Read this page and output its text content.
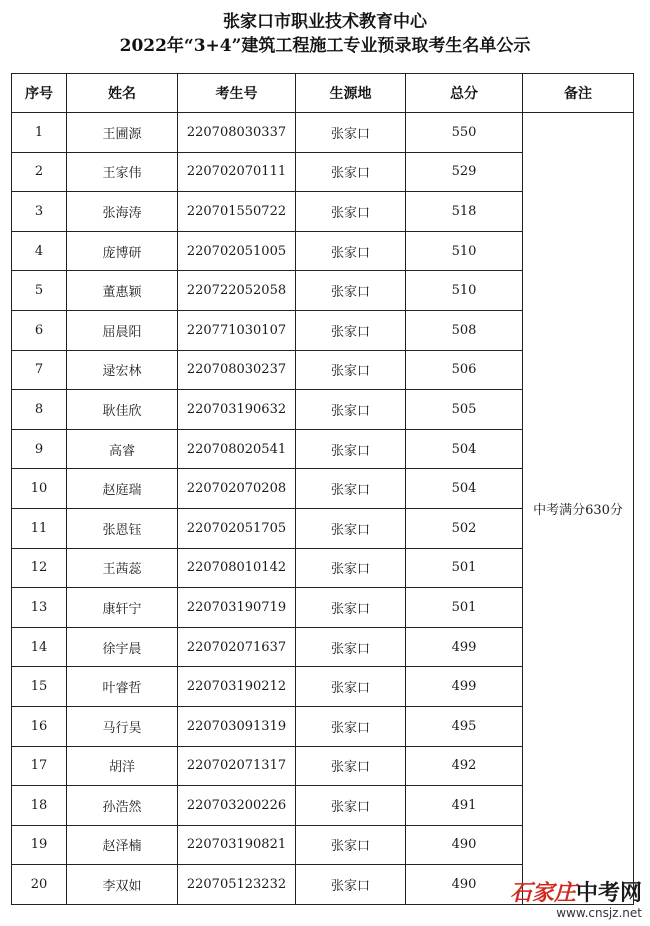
张家口市职业技术教育中心
2022年“3+4”建筑工程施工专业预录取考生名单公示
序号	姓名	考生号	生源地	总分	备注
1	王圃源	220708030337	张家口	550	中考满分630分
2	王家伟	220702070111	张家口	529	
3	张海涛	220701550722	张家口	518	
4	庞博研	220702051005	张家口	510	
5	董惠颖	220722052058	张家口	510	
6	屈晨阳	220771030107	张家口	508	
7	逯宏林	220708030237	张家口	506	
8	耿佳欣	220703190632	张家口	505	
9	高睿	220708020541	张家口	504	
10	赵庭瑞	220702070208	张家口	504	
11	张恩钰	220702051705	张家口	502	
12	王茜蕊	220708010142	张家口	501	
13	康轩宁	220703190719	张家口	501	
14	徐宇晨	220702071637	张家口	499	
15	叶睿哲	220703190212	张家口	499	
16	马行昊	220703091319	张家口	495	
17	胡洋	220702071317	张家口	492	
18	孙浩然	220703200226	张家口	491	
19	赵泽楠	220703190821	张家口	490	
20	李双如	220705123232	张家口	490	石家庄中考网
www.cnsjz.net
